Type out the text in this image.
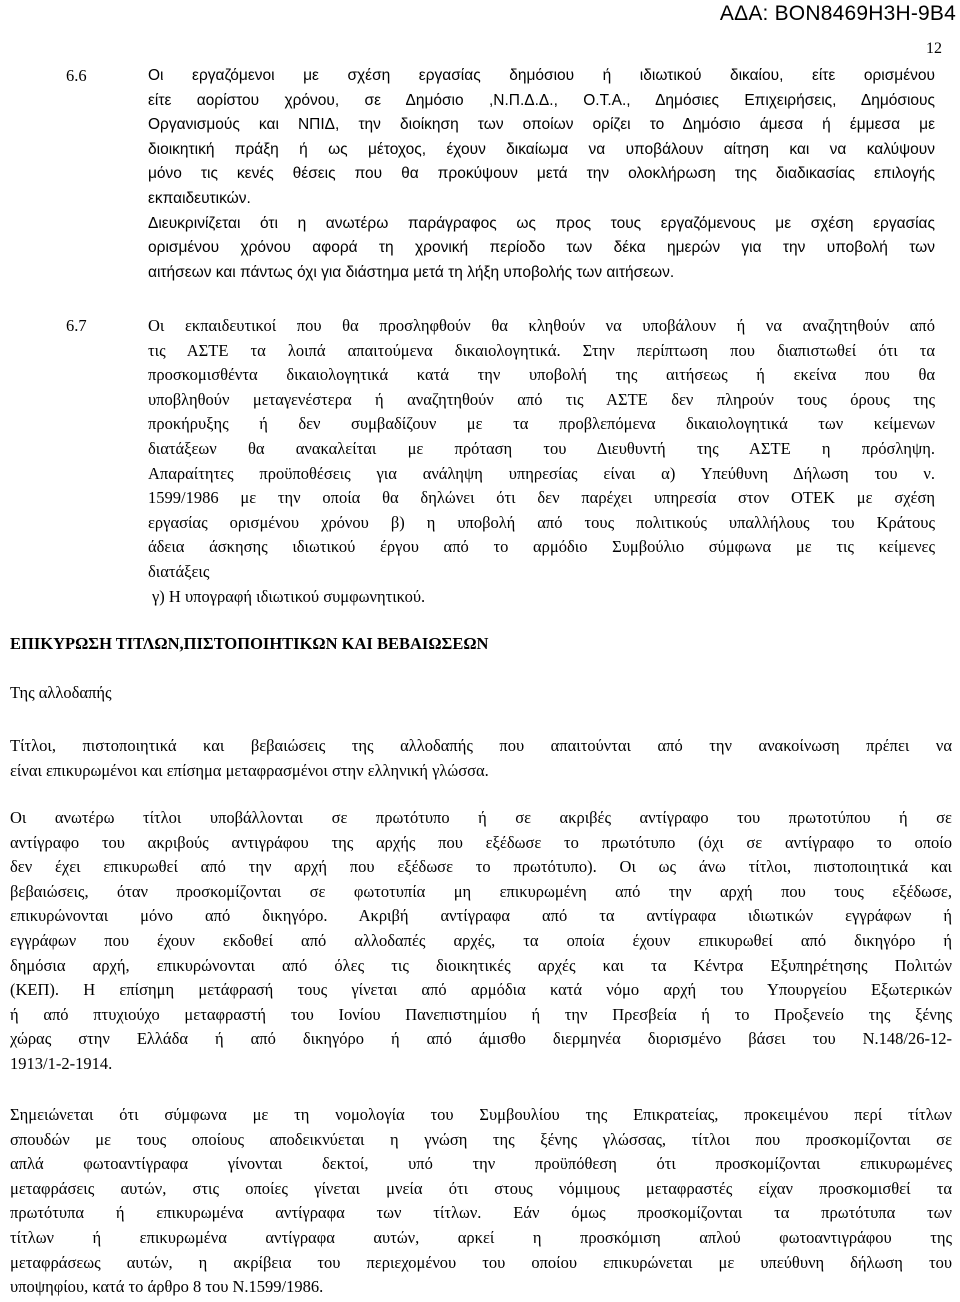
ΑΔΑ: ΒΟΝ8469Η3Η-9Β4
12
6.6	Οι εργαζόμενοι με σχέση εργασίας δημόσιου ή ιδιωτικού δικαίου, είτε ορισμένου
είτε αορίστου χρόνου, σε Δημόσιο ,Ν.Π.Δ.Δ., Ο.Τ.Α., Δημόσιες Επιχειρήσεις, Δημόσιους
Οργανισμούς και ΝΠΙΔ, την διοίκηση των οποίων ορίζει το Δημόσιο άμεσα ή έμμεσα με
διοικητική πράξη ή ως μέτοχος, έχουν δικαίωμα να υποβάλουν αίτηση και να καλύψουν
μόνο τις κενές θέσεις που θα προκύψουν μετά την ολοκλήρωση της διαδικασίας επιλογής
εκπαιδευτικών.
Διευκρινίζεται ότι η ανωτέρω παράγραφος ως προς τους εργαζόμενους με σχέση εργασίας
ορισμένου χρόνου αφορά τη χρονική περίοδο των δέκα ημερών για την υποβολή των
αιτήσεων και πάντως όχι για διάστημα μετά τη λήξη υποβολής των αιτήσεων.
6.7	Οι εκπαιδευτικοί που θα προσληφθούν θα κληθούν να υποβάλουν ή να αναζητηθούν από
τις ΑΣΤΕ τα λοιπά απαιτούμενα δικαιολογητικά. Στην περίπτωση που διαπιστωθεί ότι τα
προσκομισθέντα δικαιολογητικά κατά την υποβολή της αιτήσεως ή εκείνα που θα
υποβληθούν μεταγενέστερα ή αναζητηθούν από τις ΑΣΤΕ δεν πληρούν τους όρους της
προκήρυξης ή δεν συμβαδίζουν με τα προβλεπόμενα δικαιολογητικά των κείμενων
διατάξεων θα ανακαλείται με πρόταση του Διευθυντή της ΑΣΤΕ η πρόσληψη.
Απαραίτητες προϋποθέσεις για ανάληψη υπηρεσίας είναι α) Υπεύθυνη Δήλωση του ν.
1599/1986 με την οποία θα δηλώνει ότι δεν παρέχει υπηρεσία στον ΟΤΕΚ με σχέση
εργασίας ορισμένου χρόνου β) η υποβολή από τους πολιτικούς υπαλλήλους του Κράτους
άδεια άσκησης ιδιωτικού έργου από το αρμόδιο Συμβούλιο σύμφωνα με τις κείμενες
διατάξεις
γ) Η υπογραφή ιδιωτικού συμφωνητικού.
ΕΠΙΚΥΡΩΣΗ ΤΙΤΛΩΝ,ΠΙΣΤΟΠΟΙΗΤΙΚΩΝ ΚΑΙ ΒΕΒΑΙΩΣΕΩΝ
Της αλλοδαπής
Τίτλοι, πιστοποιητικά και βεβαιώσεις της αλλοδαπής που απαιτούνται από την ανακοίνωση πρέπει να
είναι επικυρωμένοι και επίσημα μεταφρασμένοι στην ελληνική γλώσσα.
Οι ανωτέρω τίτλοι υποβάλλονται σε πρωτότυπο ή σε ακριβές αντίγραφο του πρωτοτύπου ή σε
αντίγραφο του ακριβούς αντιγράφου της αρχής που εξέδωσε το πρωτότυπο (όχι σε αντίγραφο το οποίο
δεν έχει επικυρωθεί από την αρχή που εξέδωσε το πρωτότυπο). Οι ως άνω τίτλοι, πιστοποιητικά και
βεβαιώσεις, όταν προσκομίζονται σε φωτοτυπία μη επικυρωμένη από την αρχή που τους εξέδωσε,
επικυρώνονται μόνο από δικηγόρο. Ακριβή αντίγραφα από τα αντίγραφα ιδιωτικών εγγράφων ή
εγγράφων που έχουν εκδοθεί από αλλοδαπές αρχές, τα οποία έχουν επικυρωθεί από δικηγόρο ή
δημόσια αρχή, επικυρώνονται από όλες τις διοικητικές αρχές και τα Κέντρα Εξυπηρέτησης Πολιτών
(ΚΕΠ). Η επίσημη μετάφρασή τους γίνεται από αρμόδια κατά νόμο αρχή του Υπουργείου Εξωτερικών
ή από πτυχιούχο μεταφραστή του Ιονίου Πανεπιστημίου ή την Πρεσβεία ή το Προξενείο της ξένης
χώρας στην Ελλάδα ή από δικηγόρο ή από άμισθο διερμηνέα διορισμένο βάσει του Ν.148/26-12-
1913/1-2-1914.
Σημειώνεται ότι σύμφωνα με τη νομολογία του Συμβουλίου της Επικρατείας, προκειμένου περί τίτλων
σπουδών με τους οποίους αποδεικνύεται η γνώση της ξένης γλώσσας, τίτλοι που προσκομίζονται σε
απλά φωτοαντίγραφα γίνονται δεκτοί, υπό την προϋπόθεση ότι προσκομίζονται επικυρωμένες
μεταφράσεις αυτών, στις οποίες γίνεται μνεία ότι στους νόμιμους μεταφραστές είχαν προσκομισθεί τα
πρωτότυπα ή επικυρωμένα αντίγραφα των τίτλων. Εάν όμως προσκομίζονται τα πρωτότυπα των
τίτλων ή επικυρωμένα αντίγραφα αυτών, αρκεί η προσκόμιση απλού φωτοαντιγράφου της
μεταφράσεως αυτών, η ακρίβεια του περιεχομένου του οποίου επικυρώνεται με υπεύθυνη δήλωση του
υποψηφίου, κατά το άρθρο 8 του Ν.1599/1986.
